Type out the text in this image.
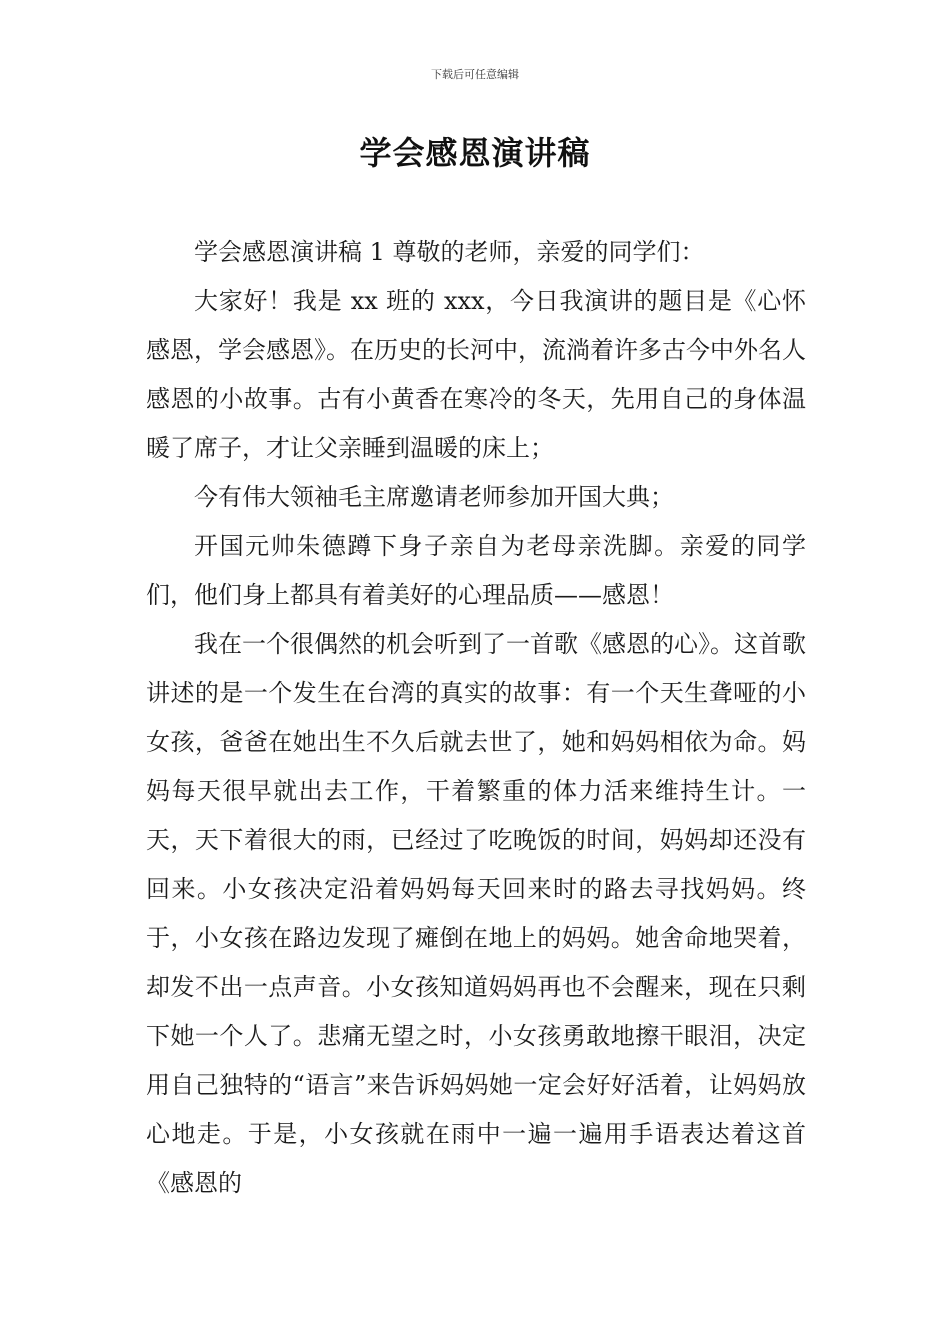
下载后可任意编辑
学会感恩演讲稿

学会感恩演讲稿 1 尊敬的老师，亲爱的同学们：

大家好！我是 xx 班的 xxx，今日我演讲的题目是《心怀感恩，学会感恩》。在历史的长河中，流淌着许多古今中外名人感恩的小故事。古有小黄香在寒冷的冬天，先用自己的身体温暖了席子，才让父亲睡到温暖的床上；

今有伟大领袖毛主席邀请老师参加开国大典；

开国元帅朱德蹲下身子亲自为老母亲洗脚。亲爱的同学们，他们身上都具有着美好的心理品质——感恩！

我在一个很偶然的机会听到了一首歌《感恩的心》。这首歌讲述的是一个发生在台湾的真实的故事：有一个天生聋哑的小女孩，爸爸在她出生不久后就去世了，她和妈妈相依为命。妈妈每天很早就出去工作，干着繁重的体力活来维持生计。一天，天下着很大的雨，已经过了吃晚饭的时间，妈妈却还没有回来。小女孩决定沿着妈妈每天回来时的路去寻找妈妈。终于，小女孩在路边发现了瘫倒在地上的妈妈。她舍命地哭着，却发不出一点声音。小女孩知道妈妈再也不会醒来，现在只剩下她一个人了。悲痛无望之时，小女孩勇敢地擦干眼泪，决定用自己独特的“语言”来告诉妈妈她一定会好好活着，让妈妈放心地走。于是，小女孩就在雨中一遍一遍用手语表达着这首《感恩的
